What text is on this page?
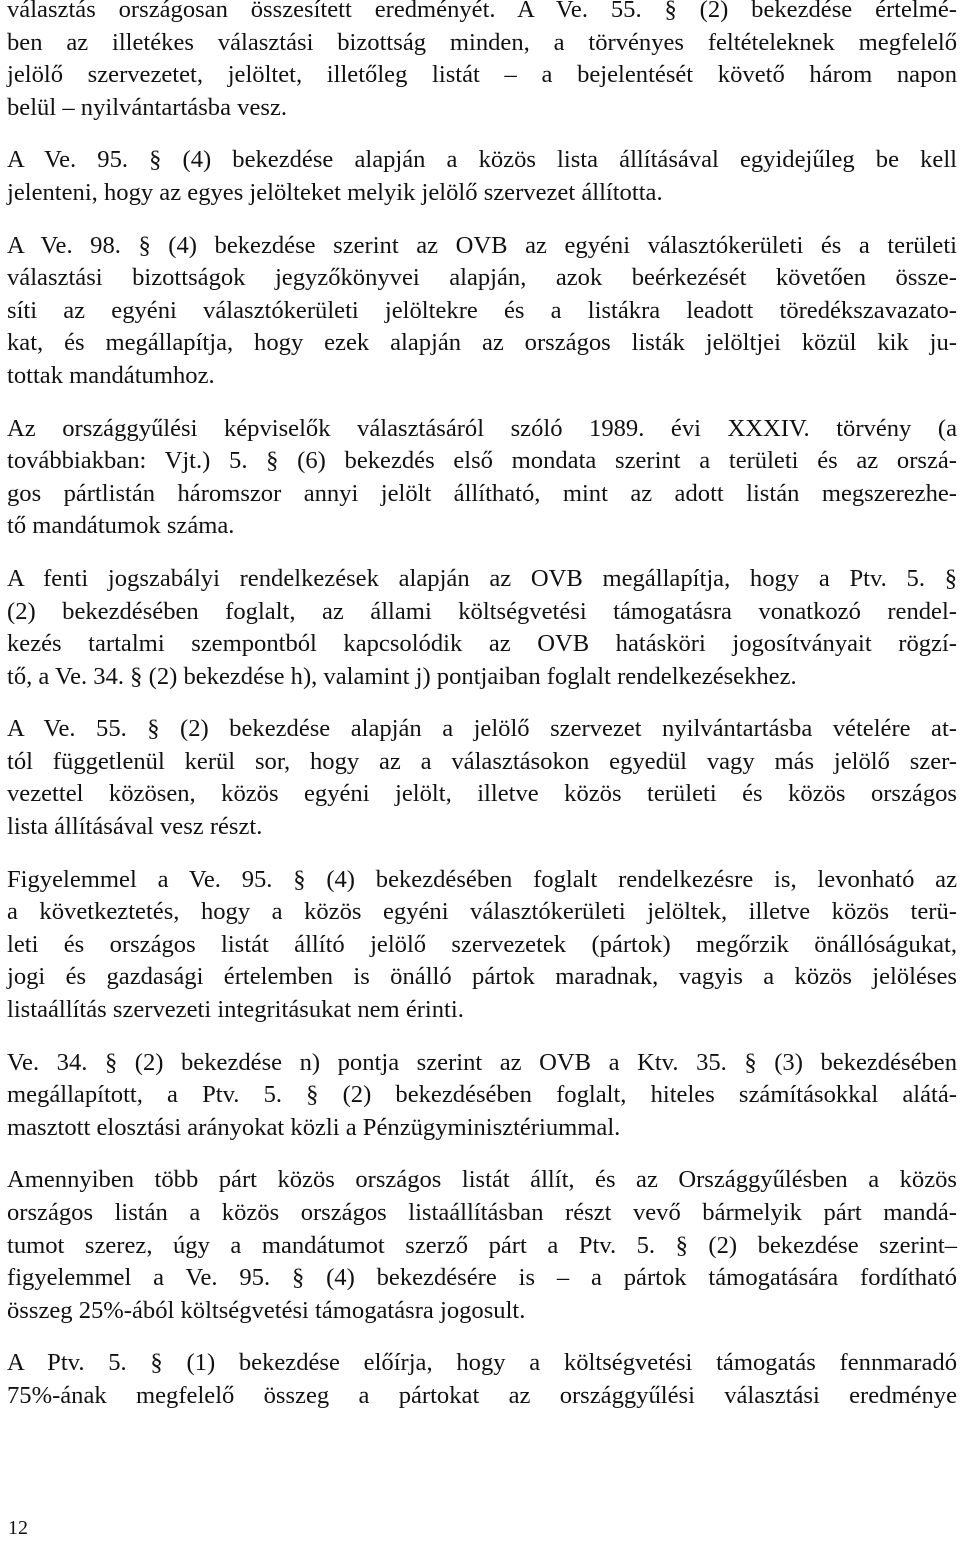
választás országosan összesített eredményét. A Ve. 55. § (2) bekezdése értelmé-
ben az illetékes választási bizottság minden, a törvényes feltételeknek megfelelő
jelölő szervezetet, jelöltet, illetőleg listát – a bejelentését követő három napon
belül – nyilvántartásba vesz.
A Ve. 95. § (4) bekezdése alapján a közös lista állításával egyidejűleg be kell
jelenteni, hogy az egyes jelölteket melyik jelölő szervezet állította.
A Ve. 98. § (4) bekezdése szerint az OVB az egyéni választókerületi és a területi
választási bizottságok jegyzőkönyvei alapján, azok beérkezését követően össze-
síti az egyéni választókerületi jelöltekre és a listákra leadott töredékszavazato-
kat, és megállapítja, hogy ezek alapján az országos listák jelöltjei közül kik ju-
tottak mandátumhoz.
Az országgyűlési képviselők választásáról szóló 1989. évi XXXIV. törvény (a
továbbiakban: Vjt.) 5. § (6) bekezdés első mondata szerint a területi és az orszá-
gos pártlistán háromszor annyi jelölt állítható, mint az adott listán megszerezhe-
tő mandátumok száma.
A fenti jogszabályi rendelkezések alapján az OVB megállapítja, hogy a Ptv. 5. §
(2) bekezdésében foglalt, az állami költségvetési támogatásra vonatkozó rendel-
kezés tartalmi szempontból kapcsolódik az OVB hatásköri jogosítványait rögzí-
tő, a Ve. 34. § (2) bekezdése h), valamint j) pontjaiban foglalt rendelkezésekhez.
A Ve. 55. § (2) bekezdése alapján a jelölő szervezet nyilvántartásba vételére at-
tól függetlenül kerül sor, hogy az a választásokon egyedül vagy más jelölő szer-
vezettel közösen, közös egyéni jelölt, illetve közös területi és közös országos
lista állításával vesz részt.
Figyelemmel a Ve. 95. § (4) bekezdésében foglalt rendelkezésre is, levonható az
a következtetés, hogy a közös egyéni választókerületi jelöltek, illetve közös terü-
leti és országos listát állító jelölő szervezetek (pártok) megőrzik önállóságukat,
jogi és gazdasági értelemben is önálló pártok maradnak, vagyis a közös jelöléses
listaállítás szervezeti integritásukat nem érinti.
Ve. 34. § (2) bekezdése n) pontja szerint az OVB a Ktv. 35. § (3) bekezdésében
megállapított, a Ptv. 5. § (2) bekezdésében foglalt, hiteles számításokkal alátá-
masztott elosztási arányokat közli a Pénzügyminisztériummal.
Amennyiben több párt közös országos listát állít, és az Országgyűlésben a közös
országos listán a közös országos listaállításban részt vevő bármelyik párt mandá-
tumot szerez, úgy a mandátumot szerző párt a Ptv. 5. § (2) bekezdése szerint–
figyelemmel a Ve. 95. § (4) bekezdésére is – a pártok támogatására fordítható
összeg 25%-ából költségvetési támogatásra jogosult.
A Ptv. 5. § (1) bekezdése előírja, hogy a költségvetési támogatás fennmaradó
75%-ának megfelelő összeg a pártokat az országgyűlési választási eredménye
12
